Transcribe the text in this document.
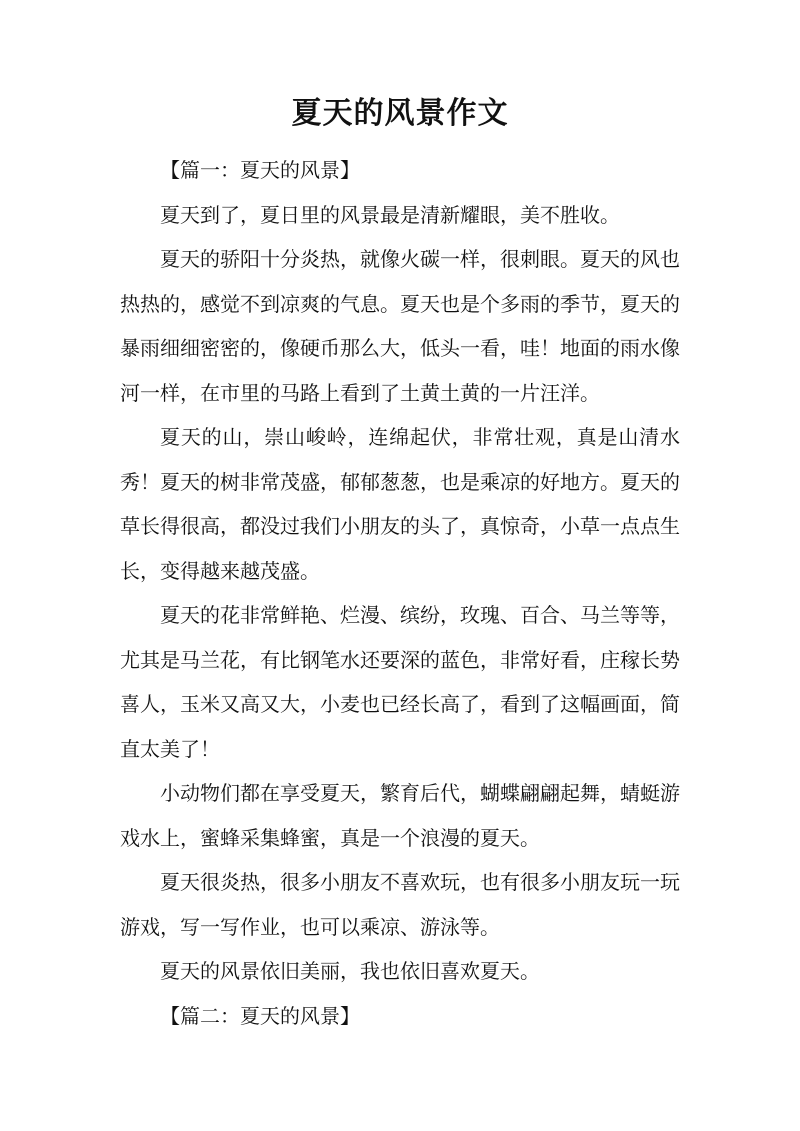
夏天的风景作文

【篇一：夏天的风景】

夏天到了，夏日里的风景最是清新耀眼，美不胜收。

夏天的骄阳十分炎热，就像火碳一样，很刺眼。夏天的风也热热的，感觉不到凉爽的气息。夏天也是个多雨的季节，夏天的暴雨细细密密的，像硬币那么大，低头一看，哇！地面的雨水像河一样，在市里的马路上看到了土黄土黄的一片汪洋。

夏天的山，崇山峻岭，连绵起伏，非常壮观，真是山清水秀！夏天的树非常茂盛，郁郁葱葱，也是乘凉的好地方。夏天的草长得很高，都没过我们小朋友的头了，真惊奇，小草一点点生长，变得越来越茂盛。

夏天的花非常鲜艳、烂漫、缤纷，玫瑰、百合、马兰等等，尤其是马兰花，有比钢笔水还要深的蓝色，非常好看，庄稼长势喜人，玉米又高又大，小麦也已经长高了，看到了这幅画面，简直太美了！

小动物们都在享受夏天，繁育后代，蝴蝶翩翩起舞，蜻蜓游戏水上，蜜蜂采集蜂蜜，真是一个浪漫的夏天。

夏天很炎热，很多小朋友不喜欢玩，也有很多小朋友玩一玩游戏，写一写作业，也可以乘凉、游泳等。

夏天的风景依旧美丽，我也依旧喜欢夏天。

【篇二：夏天的风景】
